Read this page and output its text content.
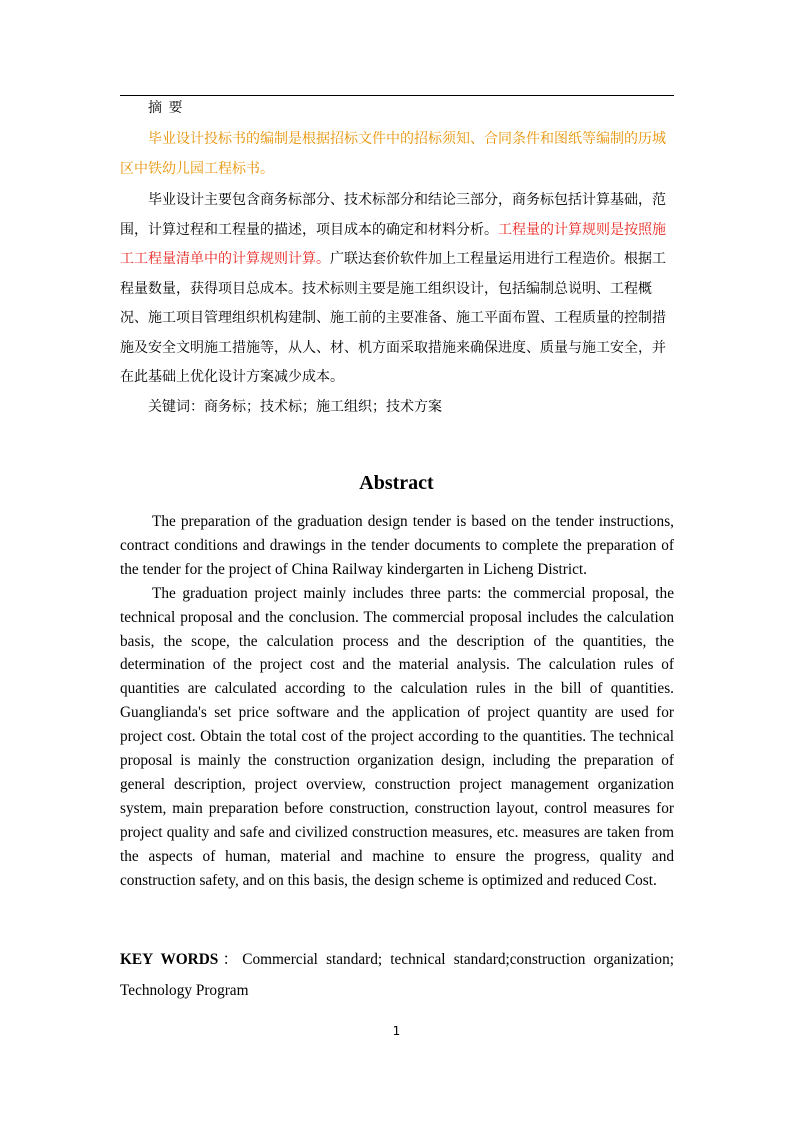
摘 要

毕业设计投标书的编制是根据招标文件中的招标须知、合同条件和图纸等编制的历城区中铁幼儿园工程标书。

毕业设计主要包含商务标部分、技术标部分和结论三部分，商务标包括计算基础，范围，计算过程和工程量的描述，项目成本的确定和材料分析。工程量的计算规则是按照施工工程量清单中的计算规则计算。广联达套价软件加上工程量运用进行工程造价。根据工程量数量，获得项目总成本。技术标则主要是施工组织设计，包括编制总说明、工程概况、施工项目管理组织机构建制、施工前的主要准备、施工平面布置、工程质量的控制措施及安全文明施工措施等，从人、材、机方面采取措施来确保进度、质量与施工安全，并在此基础上优化设计方案减少成本。

关键词：商务标；技术标；施工组织；技术方案

Abstract

The preparation of the graduation design tender is based on the tender instructions, contract conditions and drawings in the tender documents to complete the preparation of the tender for the project of China Railway kindergarten in Licheng District.

The graduation project mainly includes three parts: the commercial proposal, the technical proposal and the conclusion. The commercial proposal includes the calculation basis, the scope, the calculation process and the description of the quantities, the determination of the project cost and the material analysis. The calculation rules of quantities are calculated according to the calculation rules in the bill of quantities. Guanglianda's set price software and the application of project quantity are used for project cost. Obtain the total cost of the project according to the quantities. The technical proposal is mainly the construction organization design, including the preparation of general description, project overview, construction project management organization system, main preparation before construction, construction layout, control measures for project quality and safe and civilized construction measures, etc. measures are taken from the aspects of human, material and machine to ensure the progress, quality and construction safety, and on this basis, the design scheme is optimized and reduced Cost.

KEY WORDS：Commercial standard; technical standard;construction organization; Technology Program
1
